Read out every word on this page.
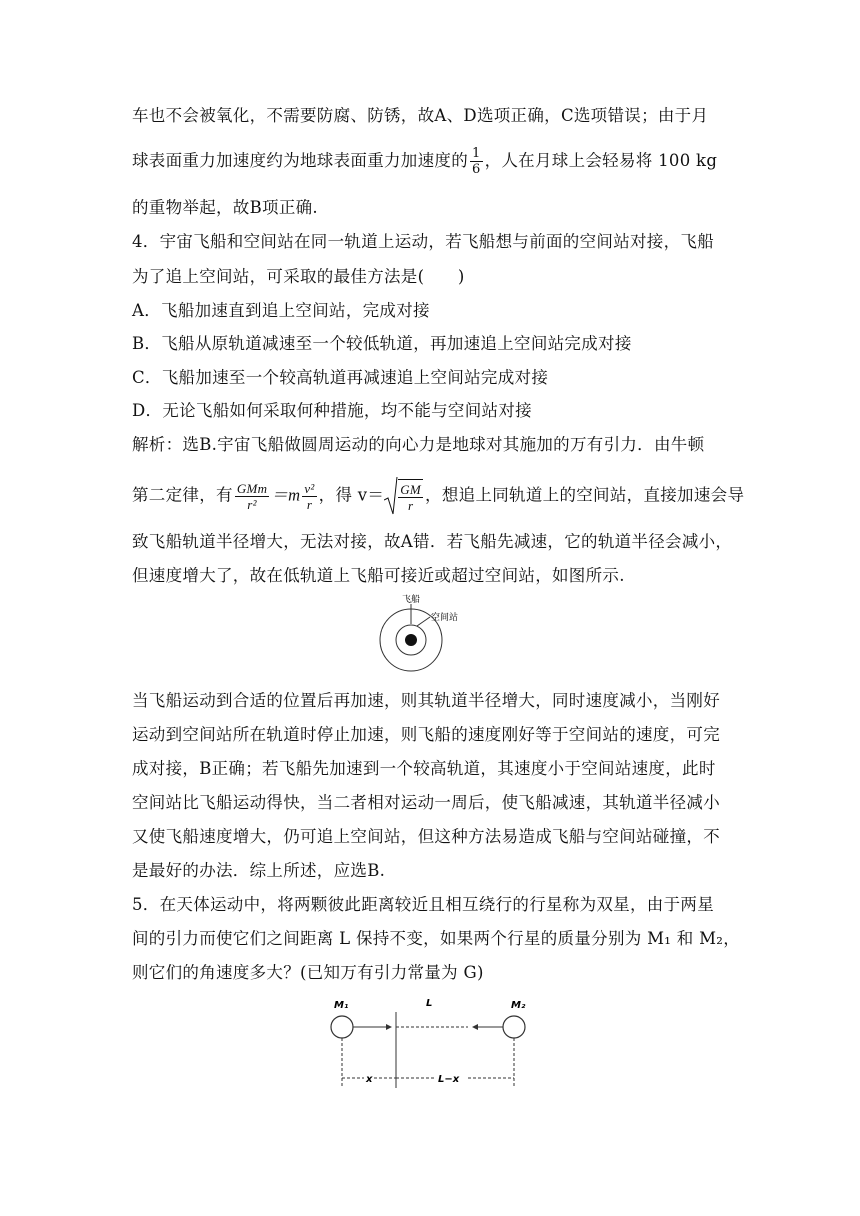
车也不会被氧化，不需要防腐、防锈，故A、D选项正确，C选项错误；由于月
球表面重力加速度约为地球表面重力加速度的 $\frac{1}{6}$ ，人在月球上会轻易将 100 kg
的重物举起，故B项正确.
4．宇宙飞船和空间站在同一轨道上运动，若飞船想与前面的空间站对接，飞船
为了追上空间站，可采取的最佳方法是(　　)
A．飞船加速直到追上空间站，完成对接
B．飞船从原轨道减速至一个较低轨道，再加速追上空间站完成对接
C．飞船加速至一个较高轨道再减速追上空间站完成对接
D．无论飞船如何采取何种措施，均不能与空间站对接
解析：选B.宇宙飞船做圆周运动的向心力是地球对其施加的万有引力．由牛顿
第二定律，有 $\frac{\text{GMm}}{\text{r²}} =m \frac{\text{v²}}{r}$ ，得 $v= \frac{GM}{r}$ ，想追上同轨道上的空间站，直接加速会导
致飞船轨道半径增大，无法对接，故A错．若飞船先减速，它的轨道半径会减小，
但速度增大了，故在低轨道上飞船可接近或超过空间站，如图所示.
飞船
空间站
当飞船运动到合适的位置后再加速，则其轨道半径增大，同时速度减小，当刚好
运动到空间站所在轨道时停止加速，则飞船的速度刚好等于空间站的速度，可完
成对接，B正确；若飞船先加速到一个较高轨道，其速度小于空间站速度，此时
空间站比飞船运动得快，当二者相对运动一周后，使飞船减速，其轨道半径减小
又使飞船速度增大，仍可追上空间站，但这种方法易造成飞船与空间站碰撞，不
是最好的办法．综上所述，应选B.
5．在天体运动中，将两颗彼此距离较近且相互绕行的行星称为双星，由于两星
间的引力而使它们之间距离 L 保持不变，如果两个行星的质量分别为 M₁ 和 M₂，
则它们的角速度多大？(已知万有引力常量为 G)
M₁	M₂
L
x	L−x
